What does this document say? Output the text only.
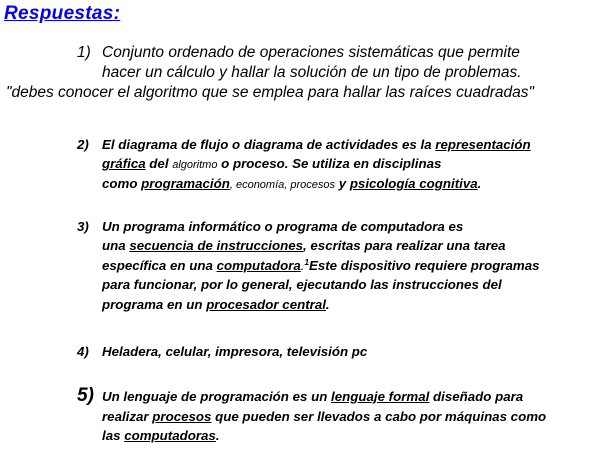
Respuestas:
1) Conjunto ordenado de operaciones sistemáticas que permite
hacer un cálculo y hallar la solución de un tipo de problemas.
"debes conocer el algoritmo que se emplea para hallar las raíces cuadradas"
2) El diagrama de flujo o diagrama de actividades es la representación
gráfica del algoritmo o proceso. Se utiliza en disciplinas
como programación, economía, procesos y psicología cognitiva.
3) Un programa informático o programa de computadora es
una secuencia de instrucciones, escritas para realizar una tarea
específica en una computadora.$^1$Este dispositivo requiere programas
para funcionar, por lo general, ejecutando las instrucciones del
programa en un procesador central.
4) Heladera, celular, impresora, televisión pc
5) Un lenguaje de programación es un lenguaje formal diseñado para
realizar procesos que pueden ser llevados a cabo por máquinas como
las computadoras.
